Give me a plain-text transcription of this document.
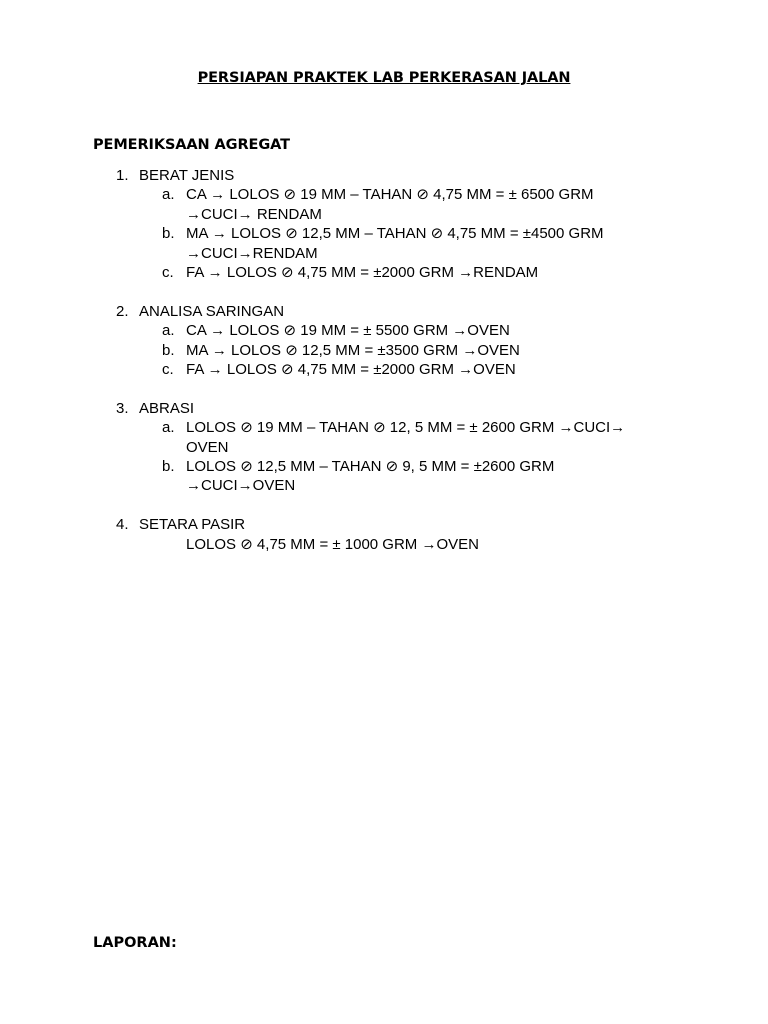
PERSIAPAN PRAKTEK LAB PERKERASAN JALAN
PEMERIKSAAN AGREGAT
1. BERAT JENIS
a. CA → LOLOS ⊘ 19 MM – TAHAN ⊘ 4,75 MM = ± 6500 GRM
→CUCI→ RENDAM
b. MA → LOLOS ⊘ 12,5 MM – TAHAN ⊘ 4,75 MM = ±4500 GRM
→CUCI→RENDAM
c. FA → LOLOS ⊘ 4,75 MM = ±2000 GRM →RENDAM
2. ANALISA SARINGAN
a. CA → LOLOS ⊘ 19 MM = ± 5500 GRM →OVEN
b. MA → LOLOS ⊘ 12,5 MM = ±3500 GRM →OVEN
c. FA → LOLOS ⊘ 4,75 MM = ±2000 GRM →OVEN
3. ABRASI
a. LOLOS ⊘ 19 MM – TAHAN ⊘ 12, 5 MM = ± 2600 GRM →CUCI→
OVEN
b. LOLOS ⊘ 12,5 MM – TAHAN ⊘ 9, 5 MM = ±2600 GRM
→CUCI→OVEN
4. SETARA PASIR
LOLOS ⊘ 4,75 MM = ± 1000 GRM →OVEN
LAPORAN:
